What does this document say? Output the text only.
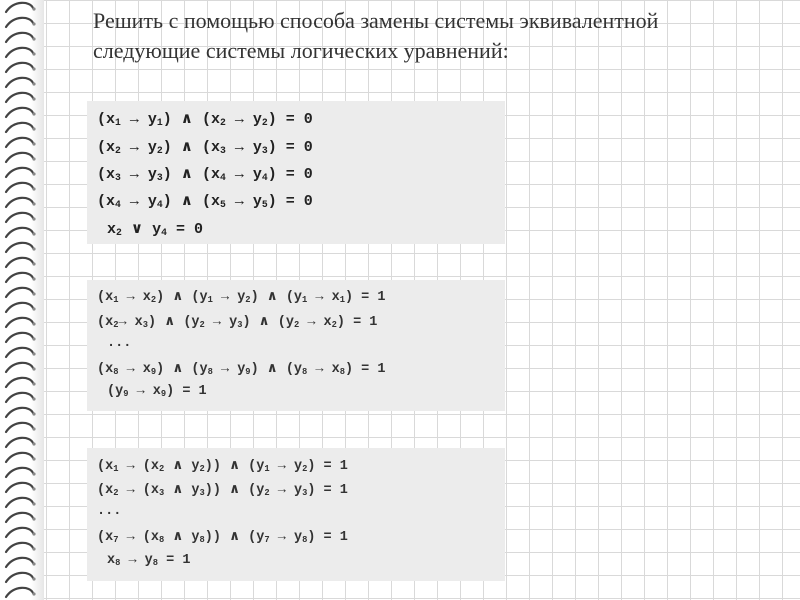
Решить с помощью способа замены системы эквивалентной следующие системы логических уравнений:
$(x_1 \to y_1)$ ∧ $(x_2 \to y_2) = 0$
$(x_2 \to y_2)$ ∧ $(x_3 \to y_3) = 0$
$(x_3 \to y_3)$ ∧ $(x_4 \to y_4) = 0$
$(x_4 \to y_4)$ ∧ $(x_5 \to y_5) = 0$
$x_2$ ∨ $y_4 = 0$
$(x_1 \to x_2)$ ∧ $(y_1 \to y_2)$ ∧ $(y_1 \to x_1) = 1$
$(x_2\to x_3)$ ∧ $(y_2 \to y_3)$ ∧ $(y_2 \to x_2) = 1$
...
$(x_8 \to x_9)$ ∧ $(y_8 \to y_9)$ ∧ $(y_8 \to x_8) = 1$
$(y_9 \to x_9) = 1$
($x_1 \to (x_2$ ∧ $y_2$)) ∧ $(y_1 \to y_2) = 1$
($x_2 \to (x_3$ ∧ $y_3$)) ∧ $(y_2 \to y_3) = 1$
...
($x_7 \to (x_8$ ∧ $y_8$)) ∧ $(y_7 \to y_8) = 1$
$x_8 \to y_8 = 1$
